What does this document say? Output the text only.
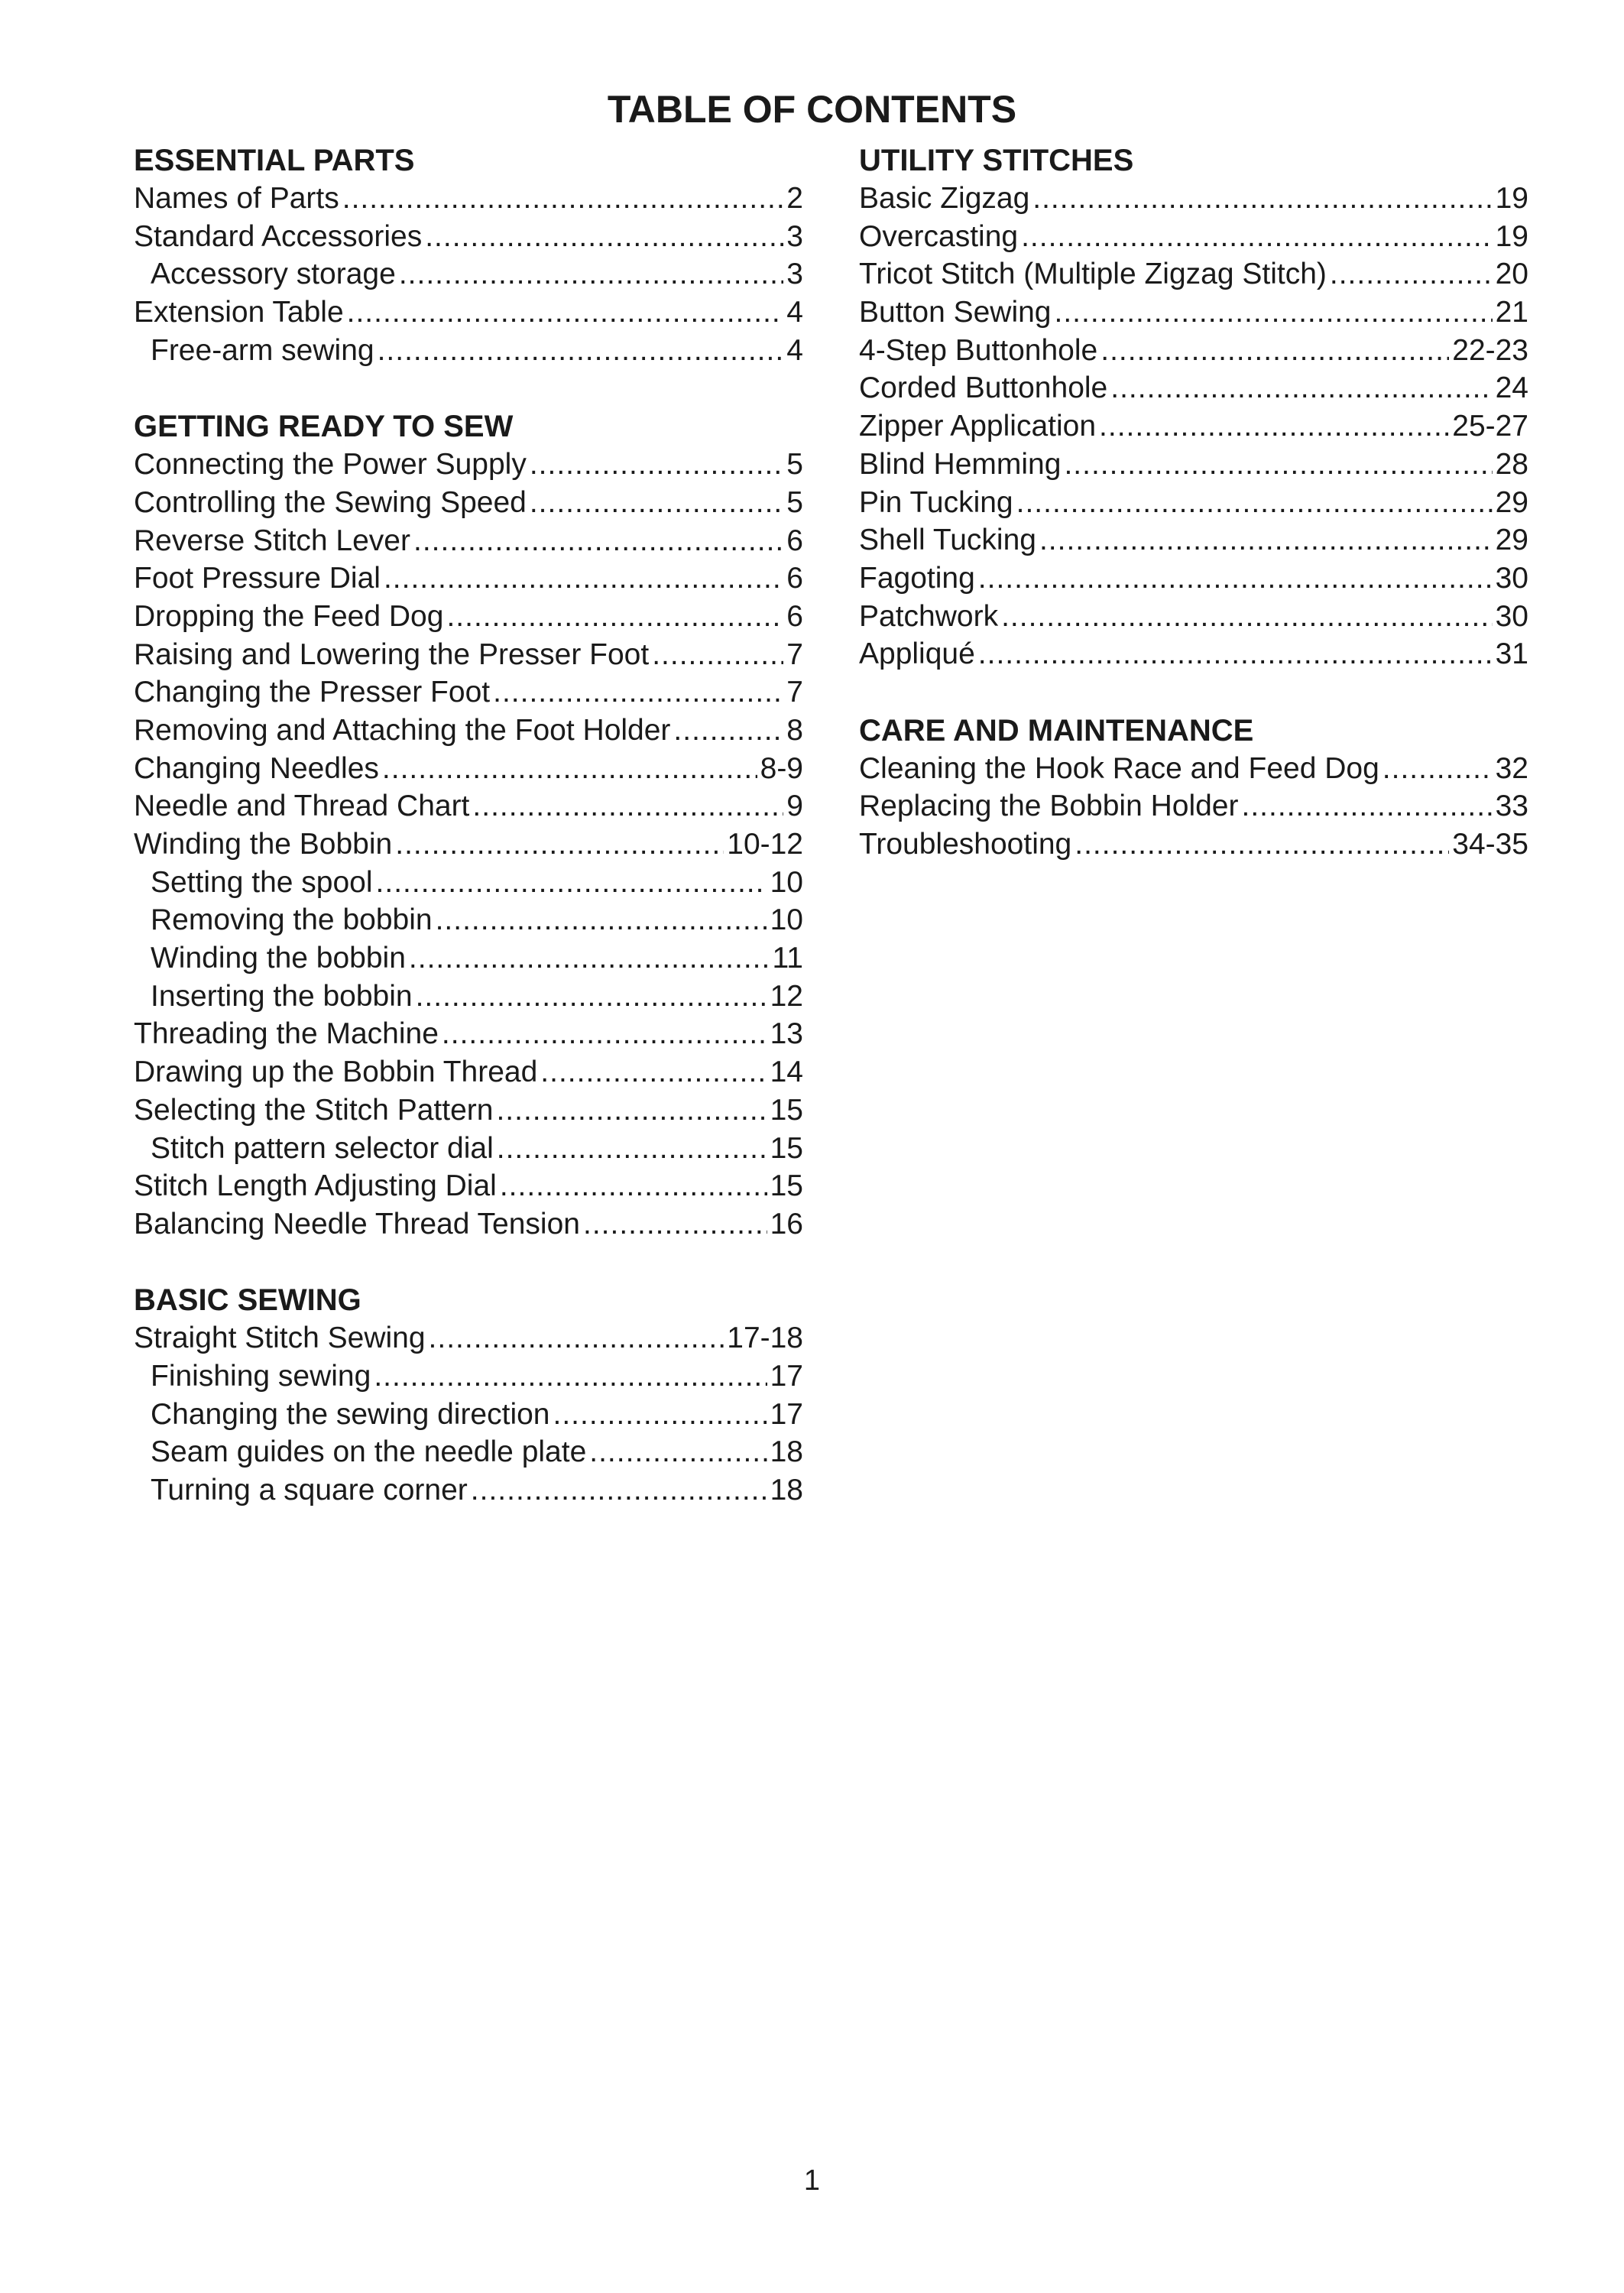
TABLE OF CONTENTS
ESSENTIAL PARTS
Names of Parts .....	2
Standard Accessories .....	3
Accessory storage .....	3
Extension Table .....	4
Free-arm sewing .....	4
GETTING READY TO SEW
Connecting the Power Supply .....	5
Controlling the Sewing Speed .....	5
Reverse Stitch Lever .....	6
Foot Pressure Dial .....	6
Dropping the Feed Dog .....	6
Raising and Lowering the Presser Foot .....	7
Changing the Presser Foot .....	7
Removing and Attaching the Foot Holder .....	8
Changing Needles .....	8-9
Needle and Thread Chart .....	9
Winding the Bobbin .....	10-12
Setting the spool .....	10
Removing the bobbin .....	10
Winding the bobbin .....	11
Inserting the bobbin .....	12
Threading the Machine .....	13
Drawing up the Bobbin Thread .....	14
Selecting the Stitch Pattern .....	15
Stitch pattern selector dial .....	15
Stitch Length Adjusting Dial .....	15
Balancing Needle Thread Tension .....	16
BASIC SEWING
Straight Stitch Sewing .....	17-18
Finishing sewing .....	17
Changing the sewing direction .....	17
Seam guides on the needle plate .....	18
Turning a square corner .....	18
UTILITY STITCHES
Basic Zigzag .....	19
Overcasting .....	19
Tricot Stitch (Multiple Zigzag Stitch) .....	20
Button Sewing .....	21
4-Step Buttonhole .....	22-23
Corded Buttonhole .....	24
Zipper Application .....	25-27
Blind Hemming .....	28
Pin Tucking .....	29
Shell Tucking .....	29
Fagoting .....	30
Patchwork .....	30
Appliqué .....	31
CARE AND MAINTENANCE
Cleaning the Hook Race and Feed Dog .....	32
Replacing the Bobbin Holder .....	33
Troubleshooting .....	34-35
1
